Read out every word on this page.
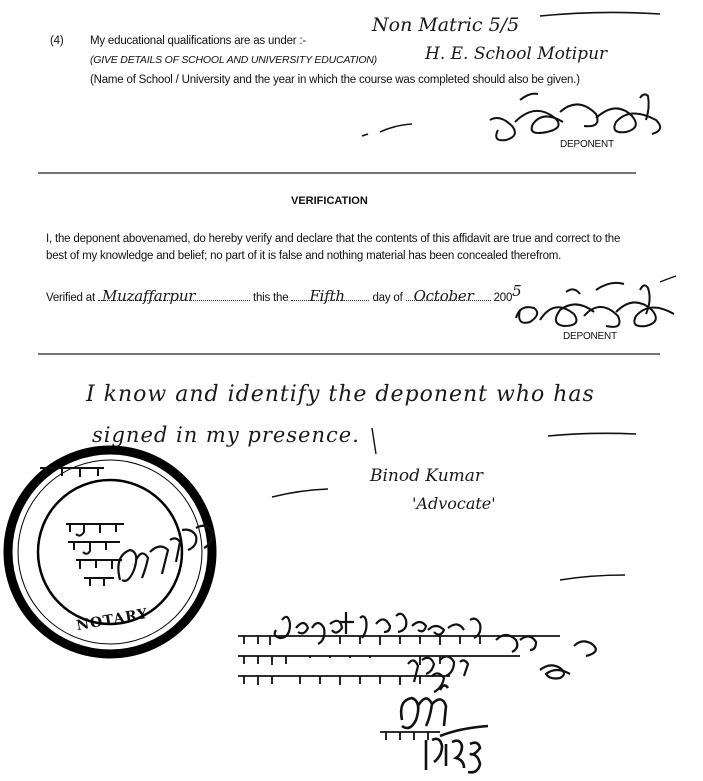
(4) My educational qualifications are as under :-
(GIVE DETAILS OF SCHOOL AND UNIVERSITY EDUCATION)
(Name of School / University and the year in which the course was completed should also be given.)
Non Matric 5/5
H. E. School Motipur
DEPONENT
VERIFICATION
I, the deponent abovenamed, do hereby verify and declare that the contents of this affidavit are true and correct to the best of my knowledge and belief; no part of it is false and nothing material has been concealed therefrom.
Verified at Muzaffarpur	this the Fifth day of October 2005
DEPONENT
I know and identify the deponent who has
signed in my presence.
Binod Kumar
'Advocate'
NOTARY
